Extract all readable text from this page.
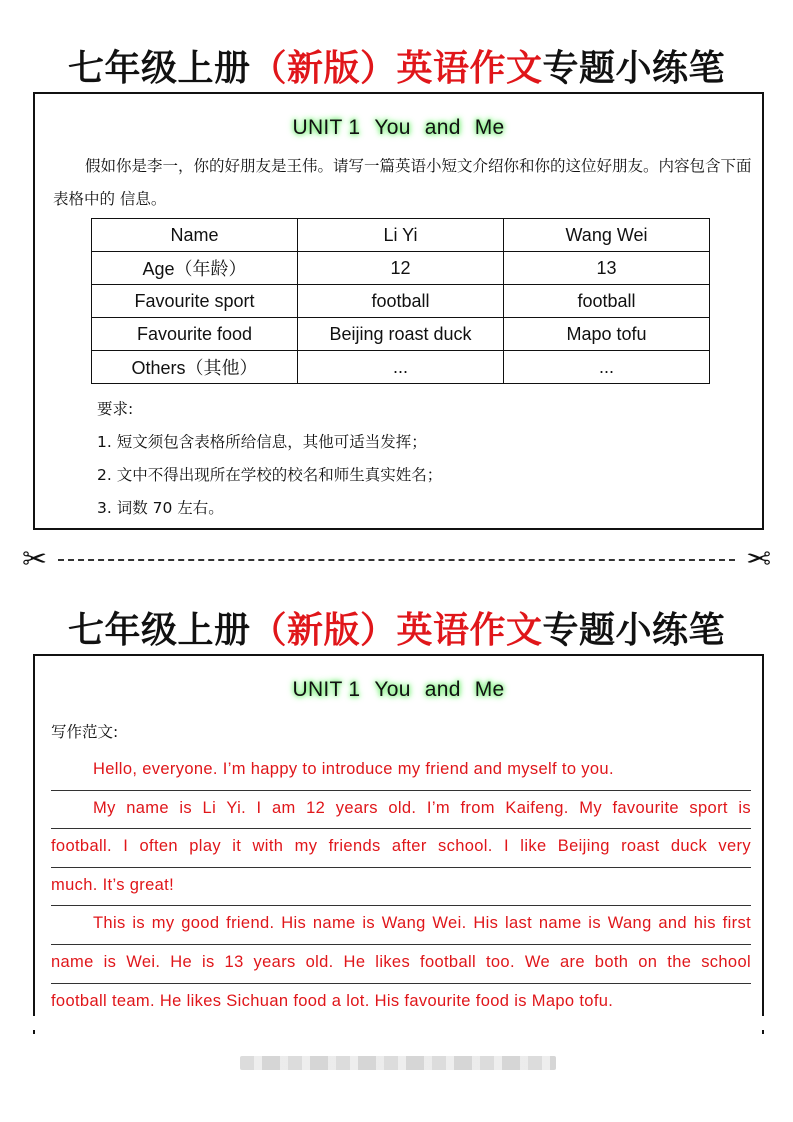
七年级上册（新版）英语作文专题小练笔
UNIT 1 You and Me
假如你是李一，你的好朋友是王伟。请写一篇英语小短文介绍你和你的这位好朋友。内容包含下面表格中的 信息。
Name	Li Yi	Wang Wei
Age（年龄）	12	13
Favourite sport	football	football
Favourite food	Beijing roast duck	Mapo tofu
Others（其他）	...	...
要求:
1. 短文须包含表格所给信息，其他可适当发挥；
2. 文中不得出现所在学校的校名和师生真实姓名；
3. 词数 70 左右。
✂	✂
七年级上册（新版）英语作文专题小练笔
UNIT 1 You and Me
写作范文:
Hello, everyone. I’m happy to introduce my friend and myself to you.
My name is Li Yi. I am 12 years old. I’m from Kaifeng. My favourite sport is
football. I often play it with my friends after school. I like Beijing roast duck very
much. It’s great!
This is my good friend. His name is Wang Wei. His last name is Wang and his first
name is Wei. He is 13 years old. He likes football too. We are both on the school
football team. He likes Sichuan food a lot. His favourite food is Mapo tofu.
